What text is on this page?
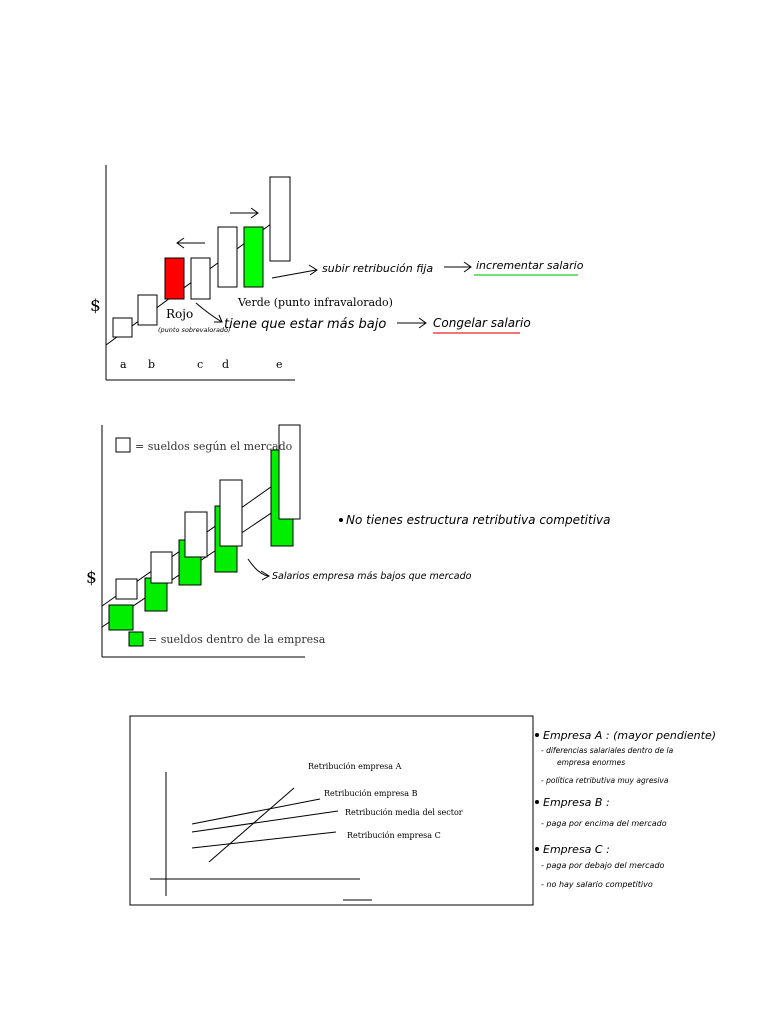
$
a b	c d	e
Rojo
(punto sobrevalorado)
Verde (punto infravalorado)
subir retribución fija	incrementar salario
tiene que estar más bajo	Congelar salario
$
= sueldos según el mercado
= sueldos dentro de la empresa
No tienes estructura retributiva competitiva
Salarios empresa más bajos que mercado
Retribución empresa A
Retribución empresa B
Retribución media del sector
Retribución empresa C
Empresa A : (mayor pendiente)
- diferencias salariales dentro de la
empresa enormes
- política retributiva muy agresiva
Empresa B :
- paga por encima del mercado
Empresa C :
- paga por debajo del mercado
- no hay salario competitivo
